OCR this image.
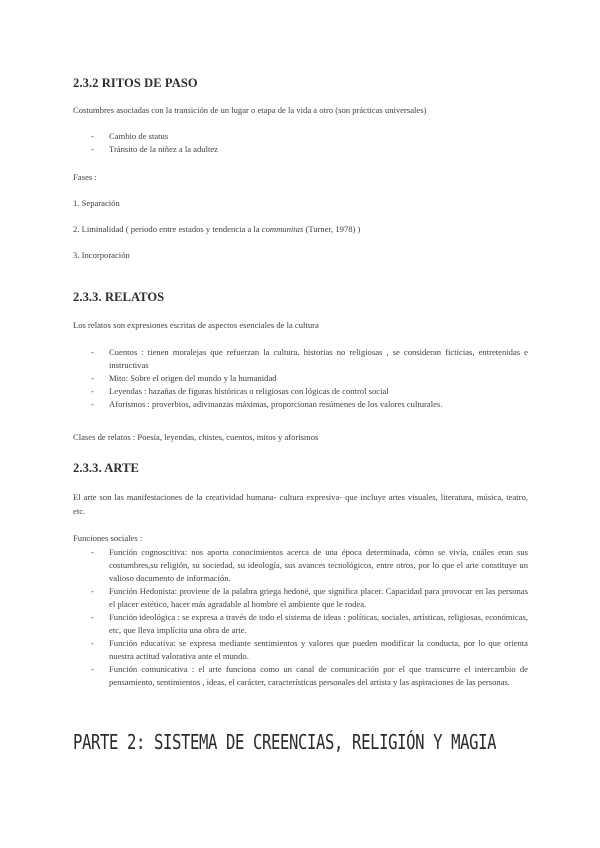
2.3.2 RITOS DE PASO

Costumbres asociadas con la transición de un lugar o etapa de la vida a otro (son prácticas universales)

- Cambio de status
- Tránsito de la niñez a la adultez

Fases :

1. Separación

2. Liminalidad ( periodo entre estados y tendencia a la communitas (Turner, 1978) )

3. Incorporación

2.3.3. RELATOS

Los relatos son expresiones escritas de aspectos esenciales de la cultura

- Cuentos : tienen moralejas que refuerzan la cultura. historias no religiosas , se consideran ficticias, entretenidas e instructivas
- Mito: Sobre el origen del mundo y la humanidad
- Leyendas : hazañas de figuras históricas o religiosas con lógicas de control social
- Aforismos : proverbios, adivinanzas máximas, proporcionan resúmenes de los valores culturales.

Clases de relatos : Poesía, leyendas, chistes, cuentos, mitos y aforismos

2.3.3. ARTE

El arte son las manifestaciones de la creatividad humana- cultura expresiva- que incluye artes visuales, literatura, música, teatro, etc.

Funciones sociales :

- Función cognoscitiva: nos aporta conocimientos acerca de una época determinada, cómo se vivía, cuáles eran sus costumbres,su religión, su sociedad, su ideología, sus avances tecnológicos, entre otros, por lo que el arte constituye un valioso documento de información.
- Función Hedonista: proviene de la palabra griega hedoné, que significa placer. Capacidad para provocar en las personas el placer estético, hacer más agradable al hombre el ambiente que le rodea.
- Función ideológica : se expresa a través de todo el sistema de ideas : políticas, sociales, artísticas, religiosas, económicas, etc, que lleva implícita una obra de arte.
- Función educativa: se expresa mediante sentimientos y valores que pueden modificar la conducta, por lo que orienta nuestra actitud valorativa ante el mundo.
- Función comunicativa : el arte funciona como un canal de comunicación por el que transcurre el intercambio de pensamiento, sentimientos , ideas, el carácter, características personales del artista y las aspiraciones de las personas.
PARTE 2: SISTEMA DE CREENCIAS, RELIGIÓN Y MAGIA
